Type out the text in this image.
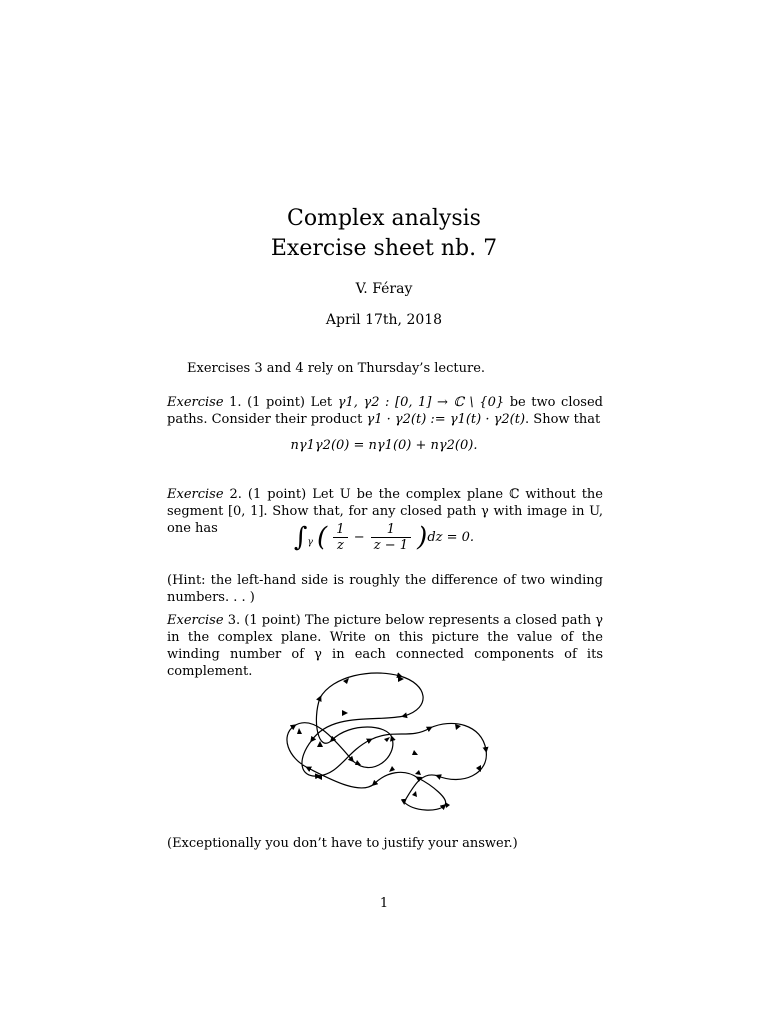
Complex analysis
Exercise sheet nb. 7
V. Féray
April 17th, 2018
Exercises 3 and 4 rely on Thursday’s lecture.
Exercise 1. (1 point) Let γ1, γ2 : [0, 1] → ℂ \ {0} be two closed paths. Consider their product γ1 · γ2(t) := γ1(t) · γ2(t). Show that
nγ1γ2(0) = nγ1(0) + nγ2(0).
Exercise 2. (1 point) Let U be the complex plane ℂ without the segment [0, 1]. Show that, for any closed path γ with image in U, one has	$\int_\gamma$ ( $\frac{1}{z} - \frac{1}{z - 1} )dz = 0$.
(Hint: the left-hand side is roughly the difference of two winding numbers. . . )
Exercise 3. (1 point) The picture below represents a closed path γ in the complex plane. Write on this picture the value of the winding number of γ in each connected components of its complement.
(Exceptionally you don’t have to justify your answer.)
1
